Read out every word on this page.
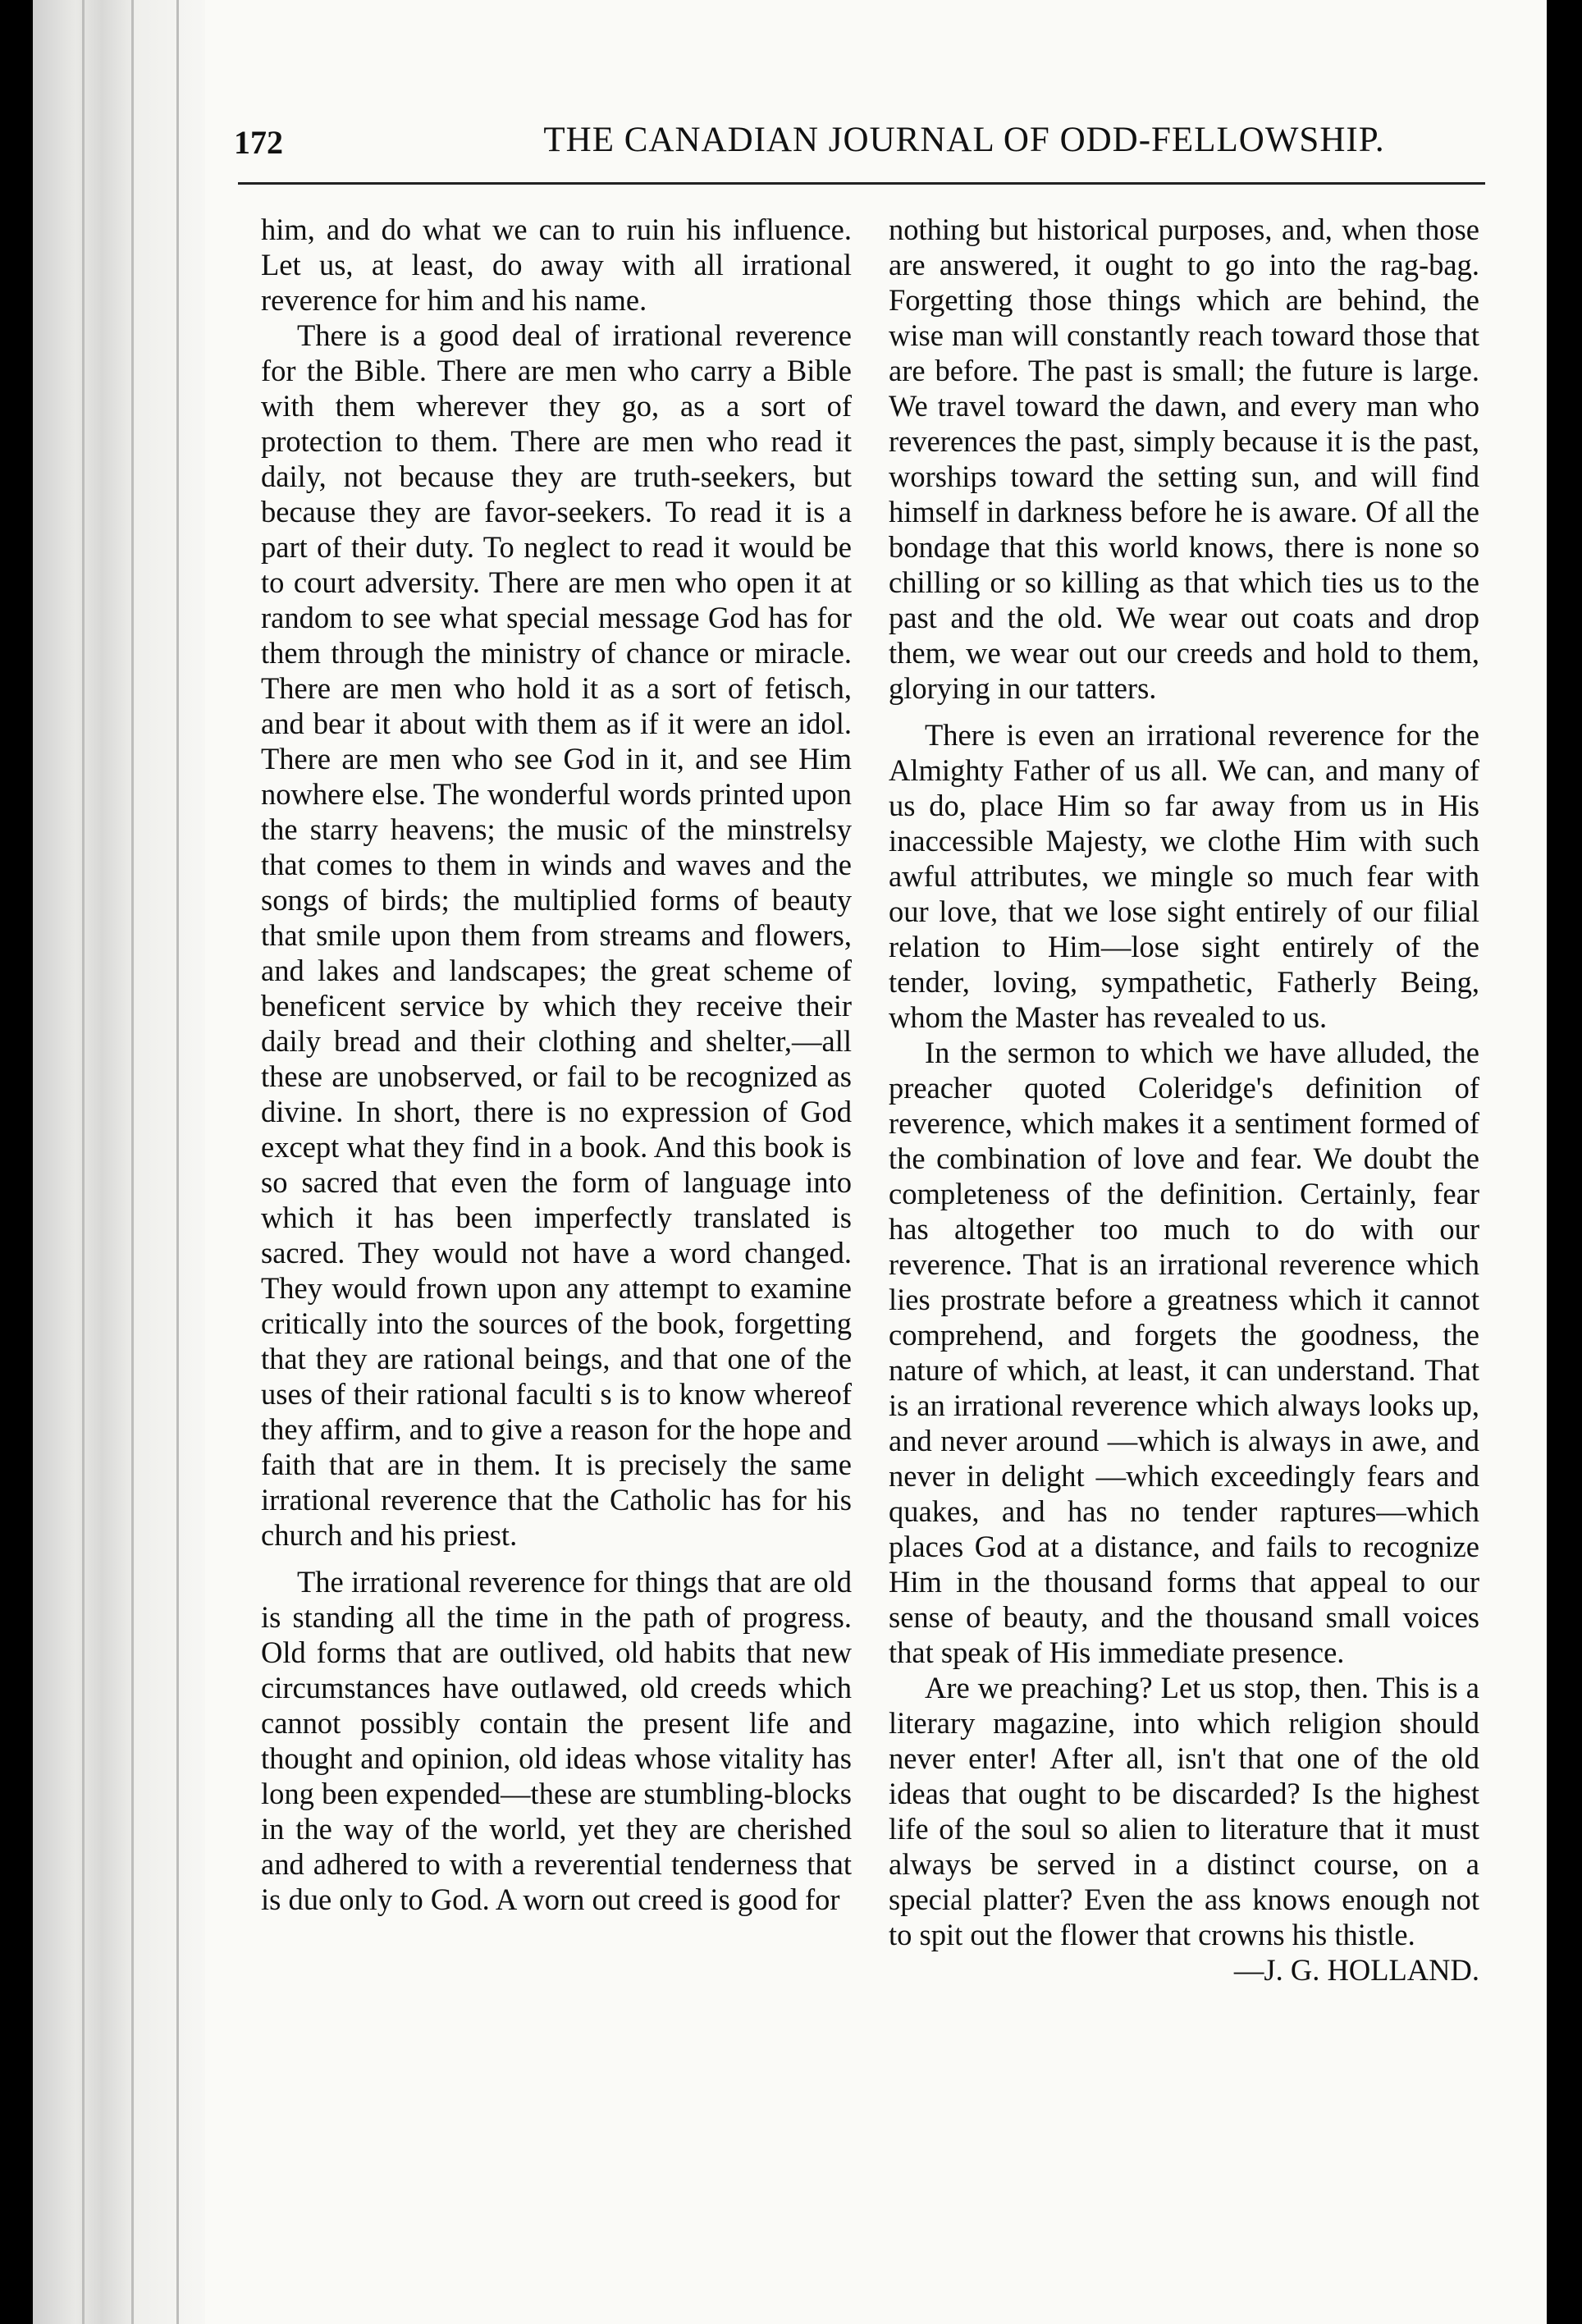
172	THE CANADIAN JOURNAL OF ODD-FELLOWSHIP.

him, and do what we can to ruin his influence. Let us, at least, do away with all irrational reverence for him and his name.

There is a good deal of irrational reverence for the Bible. There are men who carry a Bible with them wherever they go, as a sort of protection to them. There are men who read it daily, not because they are truth-seekers, but because they are favor-seekers. To read it is a part of their duty. To neglect to read it would be to court adversity. There are men who open it at random to see what special message God has for them through the ministry of chance or miracle. There are men who hold it as a sort of fetisch, and bear it about with them as if it were an idol. There are men who see God in it, and see Him nowhere else. The wonderful words printed upon the starry heavens; the music of the minstrelsy that comes to them in winds and waves and the songs of birds; the multiplied forms of beauty that smile upon them from streams and flowers, and lakes and landscapes; the great scheme of beneficent service by which they receive their daily bread and their clothing and shelter,—all these are unobserved, or fail to be recognized as divine. In short, there is no expression of God except what they find in a book. And this book is so sacred that even the form of language into which it has been imperfectly translated is sacred. They would not have a word changed. They would frown upon any attempt to examine critically into the sources of the book, forgetting that they are rational beings, and that one of the uses of their rational faculti s is to know whereof they affirm, and to give a reason for the hope and faith that are in them. It is precisely the same irrational reverence that the Catholic has for his church and his priest.

The irrational reverence for things that are old is standing all the time in the path of progress. Old forms that are outlived, old habits that new circumstances have outlawed, old creeds which cannot possibly contain the present life and thought and opinion, old ideas whose vitality has long been expended—these are stumbling-blocks in the way of the world, yet they are cherished and adhered to with a reverential tenderness that is due only to God. A worn out creed is good for

nothing but historical purposes, and, when those are answered, it ought to go into the rag-bag. Forgetting those things which are behind, the wise man will constantly reach toward those that are before. The past is small; the future is large. We travel toward the dawn, and every man who reverences the past, simply because it is the past, worships toward the setting sun, and will find himself in darkness before he is aware. Of all the bondage that this world knows, there is none so chilling or so killing as that which ties us to the past and the old. We wear out coats and drop them, we wear out our creeds and hold to them, glorying in our tatters.

There is even an irrational reverence for the Almighty Father of us all. We can, and many of us do, place Him so far away from us in His inaccessible Majesty, we clothe Him with such awful attributes, we mingle so much fear with our love, that we lose sight entirely of our filial relation to Him—lose sight entirely of the tender, loving, sympathetic, Fatherly Being, whom the Master has revealed to us.

In the sermon to which we have alluded, the preacher quoted Coleridge's definition of reverence, which makes it a sentiment formed of the combination of love and fear. We doubt the completeness of the definition. Certainly, fear has altogether too much to do with our reverence. That is an irrational reverence which lies prostrate before a greatness which it cannot comprehend, and forgets the goodness, the nature of which, at least, it can understand. That is an irrational reverence which always looks up, and never around —which is always in awe, and never in delight —which exceedingly fears and quakes, and has no tender raptures—which places God at a distance, and fails to recognize Him in the thousand forms that appeal to our sense of beauty, and the thousand small voices that speak of His immediate presence.

Are we preaching? Let us stop, then. This is a literary magazine, into which religion should never enter! After all, isn't that one of the old ideas that ought to be discarded? Is the highest life of the soul so alien to literature that it must always be served in a distinct course, on a special platter? Even the ass knows enough not to spit out the flower that crowns his thistle.

—J. G. HOLLAND.
